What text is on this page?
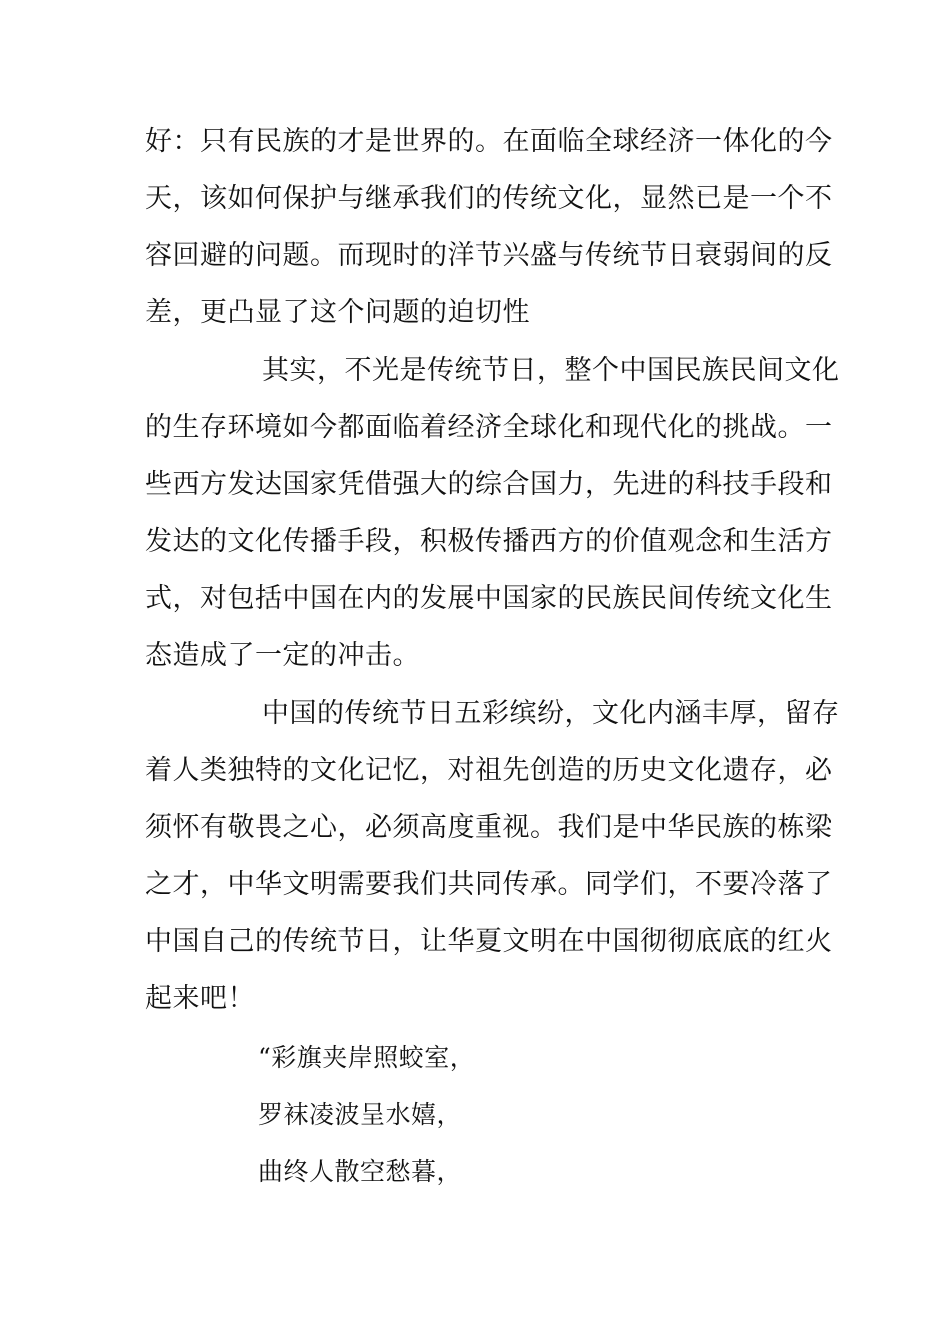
好：只有民族的才是世界的。在面临全球经济一体化的今
天，该如何保护与继承我们的传统文化，显然已是一个不
容回避的问题。而现时的洋节兴盛与传统节日衰弱间的反
差，更凸显了这个问题的迫切性
其实，不光是传统节日，整个中国民族民间文化
的生存环境如今都面临着经济全球化和现代化的挑战。一
些西方发达国家凭借强大的综合国力，先进的科技手段和
发达的文化传播手段，积极传播西方的价值观念和生活方
式，对包括中国在内的发展中国家的民族民间传统文化生
态造成了一定的冲击。
中国的传统节日五彩缤纷，文化内涵丰厚，留存
着人类独特的文化记忆，对祖先创造的历史文化遗存，必
须怀有敬畏之心，必须高度重视。我们是中华民族的栋梁
之才，中华文明需要我们共同传承。同学们，不要冷落了
中国自己的传统节日，让华夏文明在中国彻彻底底的红火
起来吧！
“彩旗夹岸照蛟室，
罗袜凌波呈水嬉，
曲终人散空愁暮，
